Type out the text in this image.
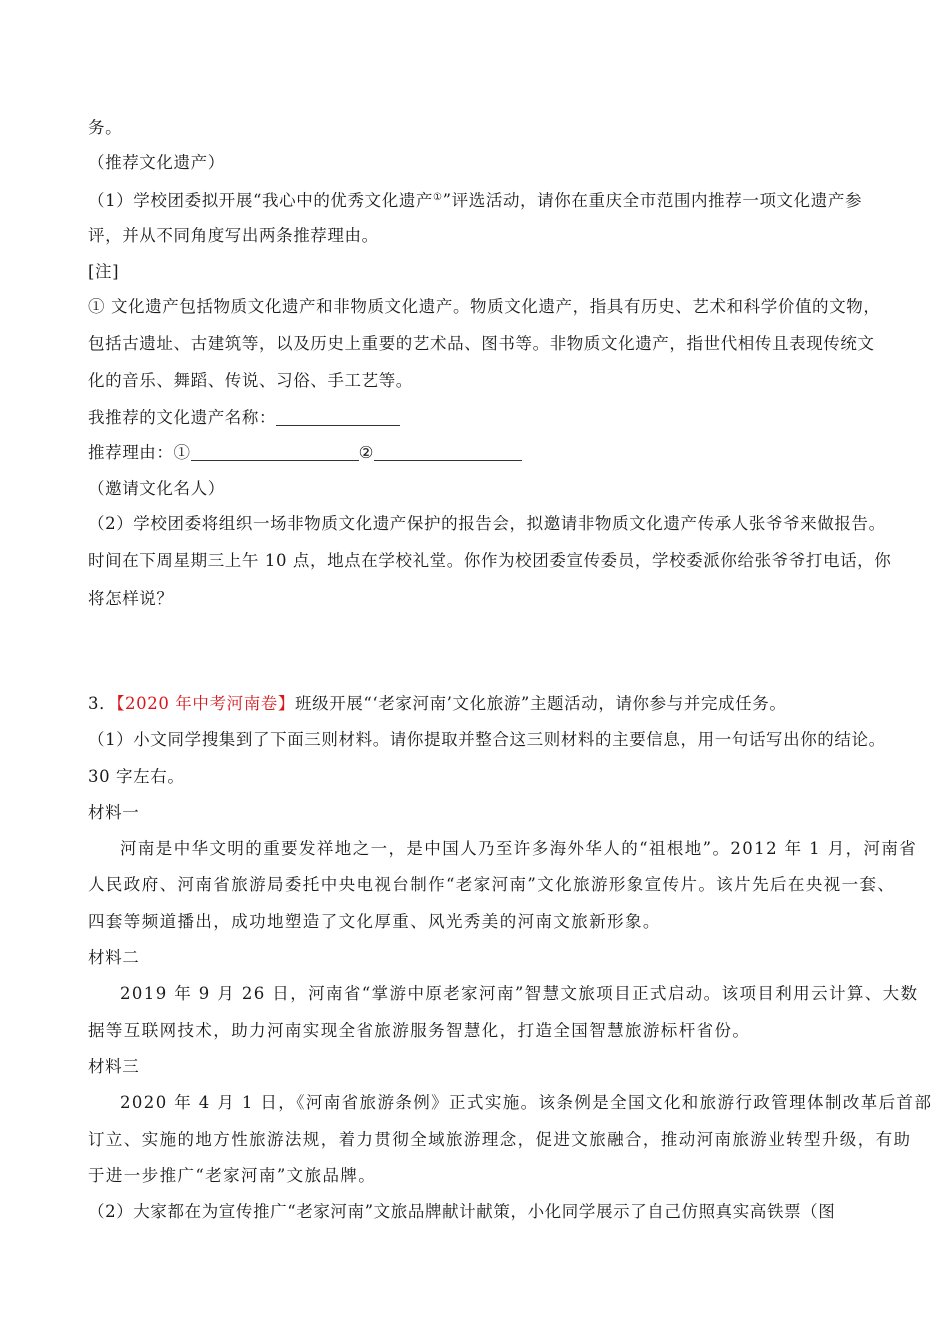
务。
（推荐文化遗产）
（1）学校团委拟开展“我心中的优秀文化遗产①”评选活动，请你在重庆全市范围内推荐一项文化遗产参
评，并从不同角度写出两条推荐理由。
[注]
① 文化遗产包括物质文化遗产和非物质文化遗产。物质文化遗产，指具有历史、艺术和科学价值的文物，
包括古遗址、古建筑等，以及历史上重要的艺术品、图书等。非物质文化遗产，指世代相传且表现传统文
化的音乐、舞蹈、传说、习俗、手工艺等。
我推荐的文化遗产名称：
推荐理由：①	②
（邀请文化名人）
（2）学校团委将组织一场非物质文化遗产保护的报告会，拟邀请非物质文化遗产传承人张爷爷来做报告。
时间在下周星期三上午 10 点，地点在学校礼堂。你作为校团委宣传委员，学校委派你给张爷爷打电话，你
将怎样说？
3．【2020 年中考河南卷】班级开展“‘老家河南’文化旅游”主题活动，请你参与并完成任务。
（1）小文同学搜集到了下面三则材料。请你提取并整合这三则材料的主要信息，用一句话写出你的结论。
30 字左右。
材料一
河南是中华文明的重要发祥地之一，是中国人乃至许多海外华人的“祖根地”。2012 年 1 月，河南省
人民政府、河南省旅游局委托中央电视台制作“老家河南”文化旅游形象宣传片。该片先后在央视一套、
四套等频道播出，成功地塑造了文化厚重、风光秀美的河南文旅新形象。
材料二
2019 年 9 月 26 日，河南省“掌游中原老家河南”智慧文旅项目正式启动。该项目利用云计算、大数
据等互联网技术，助力河南实现全省旅游服务智慧化，打造全国智慧旅游标杆省份。
材料三
2020 年 4 月 1 日，《河南省旅游条例》正式实施。该条例是全国文化和旅游行政管理体制改革后首部
订立、实施的地方性旅游法规，着力贯彻全域旅游理念，促进文旅融合，推动河南旅游业转型升级，有助
于进一步推广“老家河南”文旅品牌。
（2）大家都在为宣传推广“老家河南”文旅品牌献计献策，小化同学展示了自己仿照真实高铁票（图
